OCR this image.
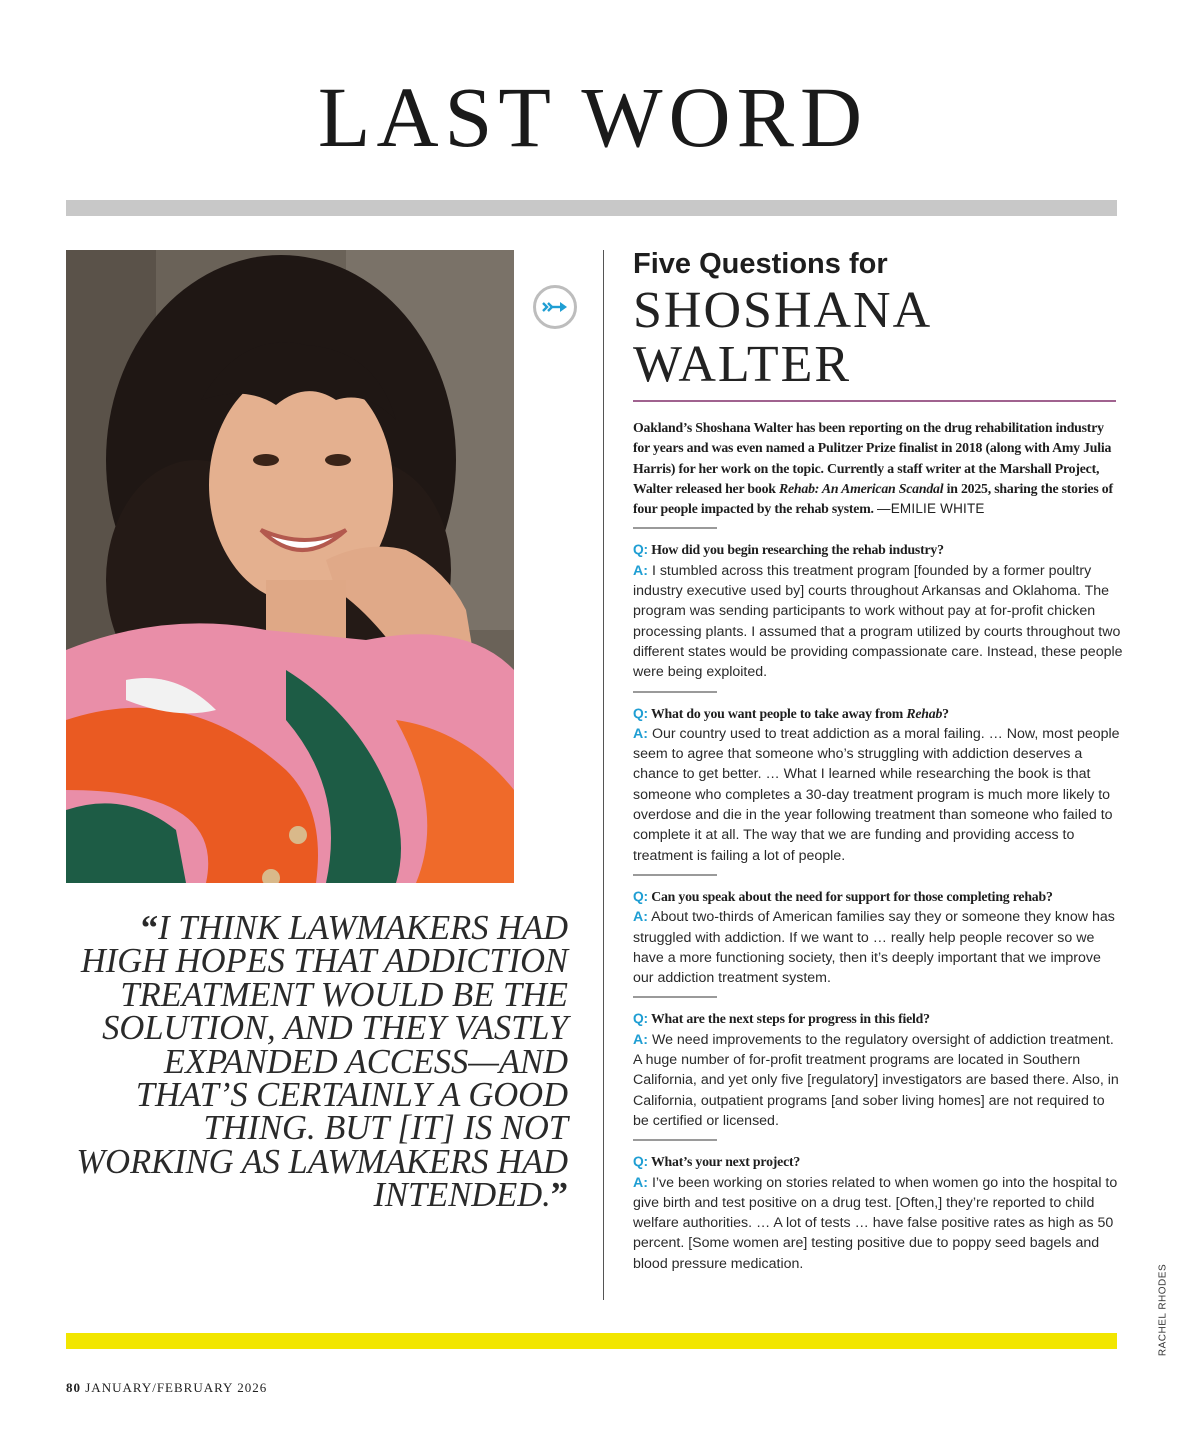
LAST WORD

“I THINK LAWMAKERS HAD HIGH HOPES THAT ADDICTION TREATMENT WOULD BE THE SOLUTION, AND THEY VASTLY EXPANDED ACCESS—AND THAT’S CERTAINLY A GOOD THING. BUT [IT] IS NOT WORKING AS LAWMAKERS HAD INTENDED.”

Five Questions for

SHOSHANA
WALTER

Oakland’s Shoshana Walter has been reporting on the drug rehabilitation industry for years and was even named a Pulitzer Prize finalist in 2018 (along with Amy Julia Harris) for her work on the topic. Currently a staff writer at the Marshall Project, Walter released her book Rehab: An American Scandal in 2025, sharing the stories of four people impacted by the rehab system. —EMILIE WHITE

Q: How did you begin researching the rehab industry?

A: I stumbled across this treatment program [founded by a former poultry industry executive used by] courts throughout Arkansas and Oklahoma. The program was sending participants to work without pay at for-profit chicken processing plants. I assumed that a program utilized by courts throughout two different states would be providing compassionate care. Instead, these people were being exploited.

Q: What do you want people to take away from Rehab?

A: Our country used to treat addiction as a moral failing. … Now, most people seem to agree that someone who’s struggling with addiction deserves a chance to get better. … What I learned while researching the book is that someone who completes a 30-day treatment program is much more likely to overdose and die in the year following treatment than someone who failed to complete it at all. The way that we are funding and providing access to treatment is failing a lot of people.

Q: Can you speak about the need for support for those completing rehab?

A: About two-thirds of American families say they or someone they know has struggled with addiction. If we want to … really help people recover so we have a more functioning society, then it’s deeply important that we improve our addiction treatment system.

Q: What are the next steps for progress in this field?

A: We need improvements to the regulatory oversight of addiction treatment. A huge number of for-profit treatment programs are located in Southern California, and yet only five [regulatory] investigators are based there. Also, in California, outpatient programs [and sober living homes] are not required to be certified or licensed.

Q: What’s your next project?

A: I’ve been working on stories related to when women go into the hospital to give birth and test positive on a drug test. [Often,] they’re reported to child welfare authorities. … A lot of tests … have false positive rates as high as 50 percent. [Some women are] testing positive due to poppy seed bagels and blood pressure medication.

RACHEL RHODES
80 JANUARY/FEBRUARY 2026
